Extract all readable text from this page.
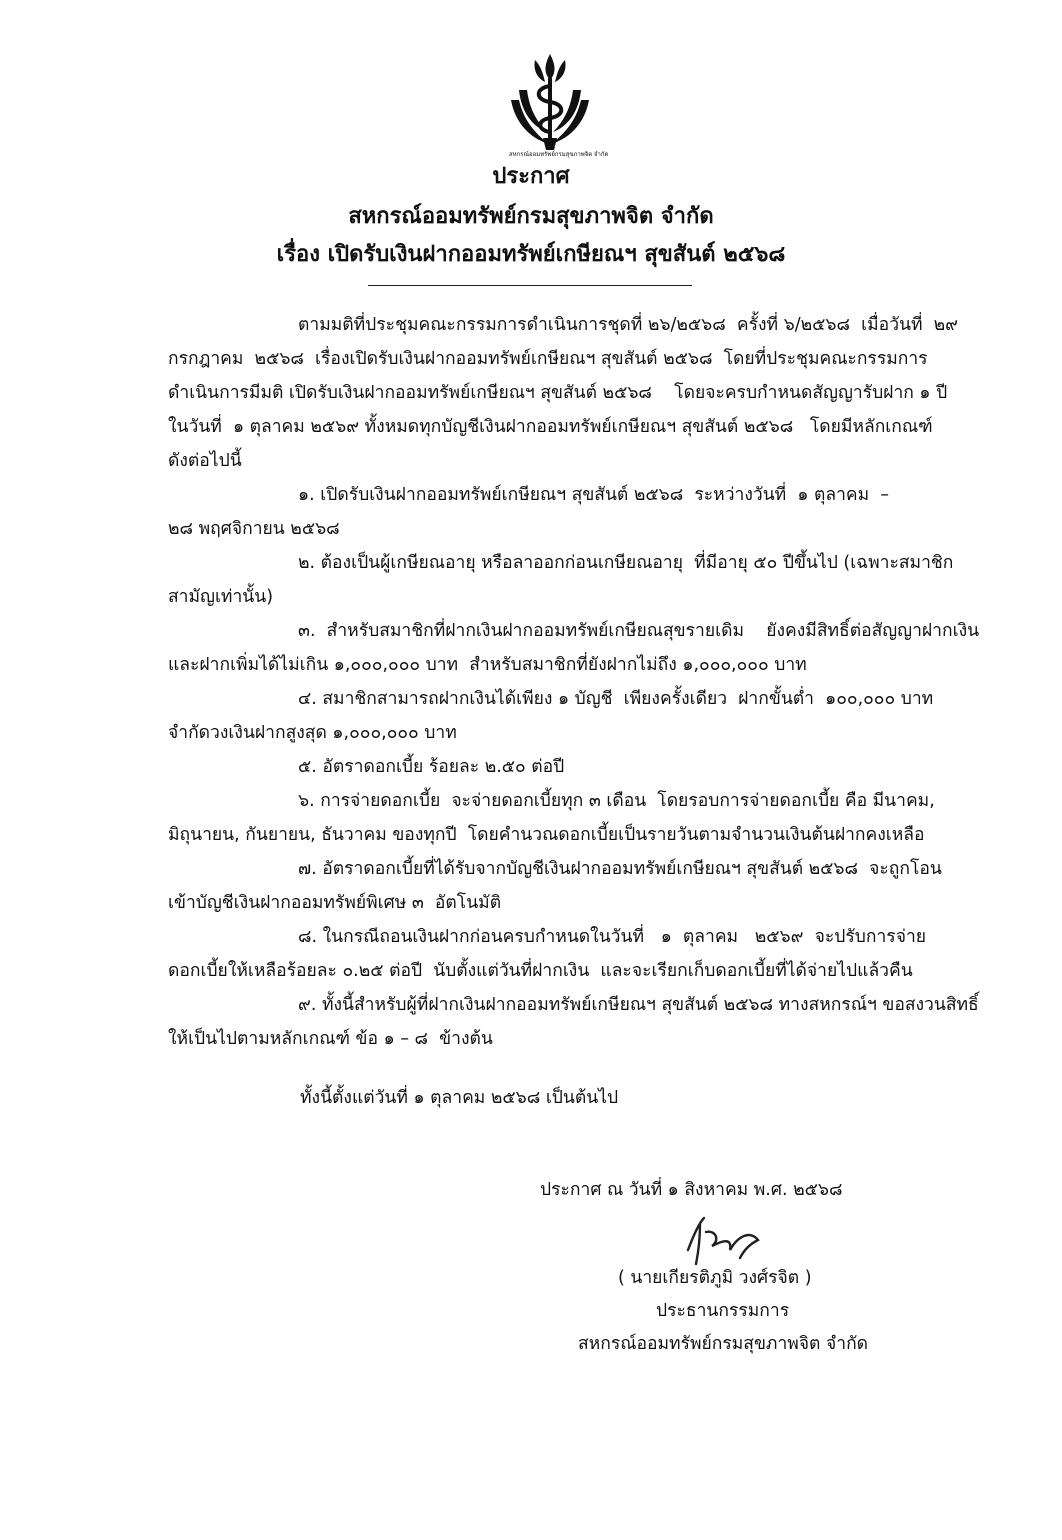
สหกรณ์ออมทรัพย์กรมสุขภาพจิต จำกัด
ประกาศ
สหกรณ์ออมทรัพย์กรมสุขภาพจิต จำกัด
เรื่อง เปิดรับเงินฝากออมทรัพย์เกษียณฯ สุขสันต์ ๒๕๖๘
ตามมติที่ประชุมคณะกรรมการดำเนินการชุดที่ ๒๖/๒๕๖๘  ครั้งที่ ๖/๒๕๖๘  เมื่อวันที่  ๒๙
กรกฎาคม  ๒๕๖๘  เรื่องเปิดรับเงินฝากออมทรัพย์เกษียณฯ สุขสันต์ ๒๕๖๘  โดยที่ประชุมคณะกรรมการ
ดำเนินการมีมติ เปิดรับเงินฝากออมทรัพย์เกษียณฯ สุขสันต์ ๒๕๖๘    โดยจะครบกำหนดสัญญารับฝาก ๑ ปี
ในวันที่  ๑ ตุลาคม ๒๕๖๙ ทั้งหมดทุกบัญชีเงินฝากออมทรัพย์เกษียณฯ สุขสันต์ ๒๕๖๘   โดยมีหลักเกณฑ์
ดังต่อไปนี้
๑. เปิดรับเงินฝากออมทรัพย์เกษียณฯ สุขสันต์ ๒๕๖๘  ระหว่างวันที่  ๑ ตุลาคม  –
๒๘ พฤศจิกายน ๒๕๖๘
๒. ต้องเป็นผู้เกษียณอายุ หรือลาออกก่อนเกษียณอายุ  ที่มีอายุ ๕๐ ปีขึ้นไป (เฉพาะสมาชิก
สามัญเท่านั้น)
๓.  สำหรับสมาชิกที่ฝากเงินฝากออมทรัพย์เกษียณสุขรายเดิม    ยังคงมีสิทธิ์ต่อสัญญาฝากเงิน
และฝากเพิ่มได้ไม่เกิน ๑,๐๐๐,๐๐๐ บาท  สำหรับสมาชิกที่ยังฝากไม่ถึง ๑,๐๐๐,๐๐๐ บาท
๔. สมาชิกสามารถฝากเงินได้เพียง ๑ บัญชี  เพียงครั้งเดียว  ฝากขั้นต่ำ  ๑๐๐,๐๐๐ บาท
จำกัดวงเงินฝากสูงสุด ๑,๐๐๐,๐๐๐ บาท
๕. อัตราดอกเบี้ย ร้อยละ ๒.๕๐ ต่อปี
๖. การจ่ายดอกเบี้ย  จะจ่ายดอกเบี้ยทุก ๓ เดือน  โดยรอบการจ่ายดอกเบี้ย คือ มีนาคม,
มิถุนายน, กันยายน, ธันวาคม ของทุกปี  โดยคำนวณดอกเบี้ยเป็นรายวันตามจำนวนเงินต้นฝากคงเหลือ
๗. อัตราดอกเบี้ยที่ได้รับจากบัญชีเงินฝากออมทรัพย์เกษียณฯ สุขสันต์ ๒๕๖๘  จะถูกโอน
เข้าบัญชีเงินฝากออมทรัพย์พิเศษ ๓  อัตโนมัติ
๘. ในกรณีถอนเงินฝากก่อนครบกำหนดในวันที่   ๑  ตุลาคม   ๒๕๖๙  จะปรับการจ่าย
ดอกเบี้ยให้เหลือร้อยละ ๐.๒๕ ต่อปี  นับตั้งแต่วันที่ฝากเงิน  และจะเรียกเก็บดอกเบี้ยที่ได้จ่ายไปแล้วคืน
๙. ทั้งนี้สำหรับผู้ที่ฝากเงินฝากออมทรัพย์เกษียณฯ สุขสันต์ ๒๕๖๘ ทางสหกรณ์ฯ ขอสงวนสิทธิ์
ให้เป็นไปตามหลักเกณฑ์ ข้อ ๑ – ๘  ข้างต้น
ทั้งนี้ตั้งแต่วันที่ ๑ ตุลาคม ๒๕๖๘ เป็นต้นไป
ประกาศ ณ วันที่ ๑ สิงหาคม พ.ศ. ๒๕๖๘
( นายเกียรติภูมิ วงศ์รจิต )
ประธานกรรมการ
สหกรณ์ออมทรัพย์กรมสุขภาพจิต จำกัด
